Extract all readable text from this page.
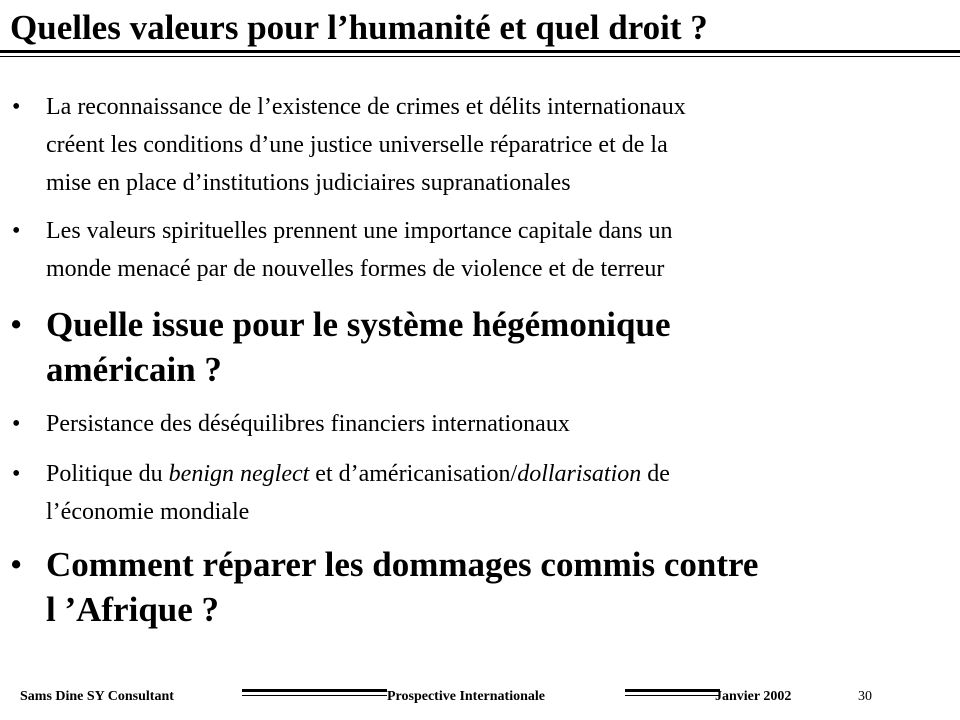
Quelles valeurs pour l’humanité et quel droit ?
• La reconnaissance de l’existence de crimes et délits internationaux
créent les conditions d’une justice universelle réparatrice et de la
mise en place d’institutions judiciaires supranationales
• Les valeurs spirituelles prennent une importance capitale dans un
monde menacé par de nouvelles formes de violence et de terreur
• Quelle issue pour le système hégémonique
américain ?
• Persistance des déséquilibres financiers internationaux
• Politique du benign neglect et d’américanisation/dollarisation de
l’économie mondiale
• Comment réparer les dommages commis contre
l ’Afrique ?
Sams Dine SY Consultant	Prospective Internationale	Janvier 2002	30
